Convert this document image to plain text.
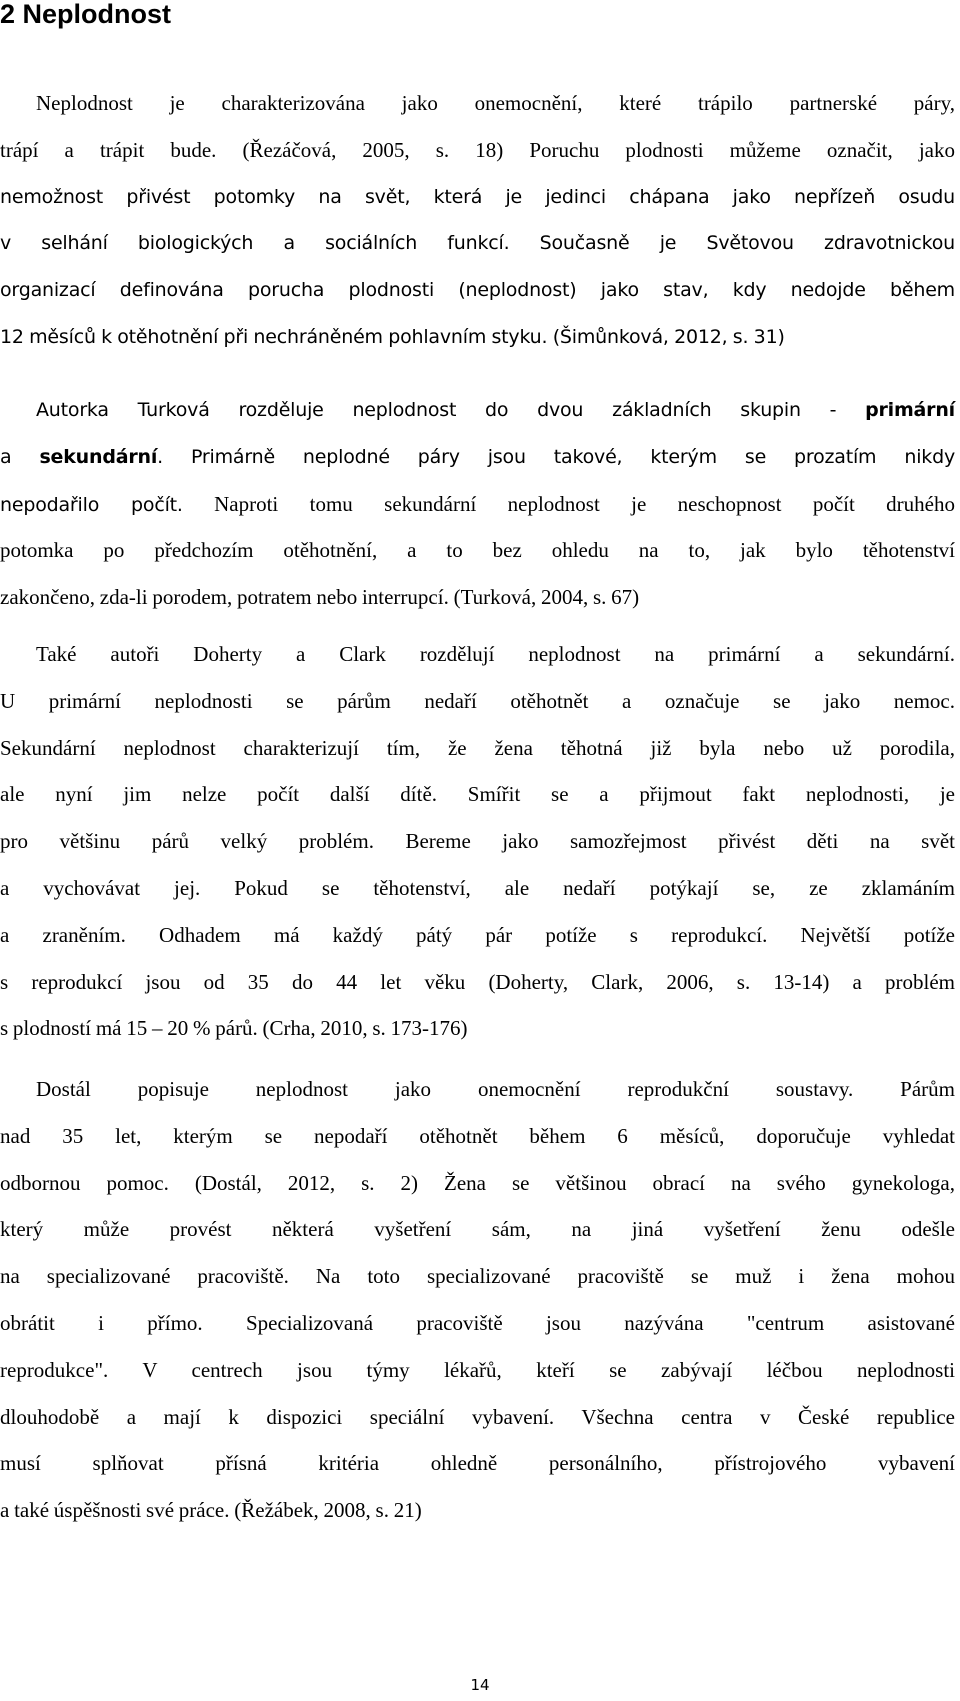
2 Neplodnost
Neplodnost je charakterizována jako onemocnění, které trápilo partnerské páry,
trápí a trápit bude. (Řezáčová, 2005, s. 18) Poruchu plodnosti můžeme označit, jako
nemožnost přivést potomky na svět, která je jedinci chápana jako nepřízeň osudu
v selhání biologických a sociálních funkcí. Současně je Světovou zdravotnickou
organizací definována porucha plodnosti (neplodnost) jako stav, kdy nedojde během
12 měsíců k otěhotnění při nechráněném pohlavním styku. (Šimůnková, 2012, s. 31)
Autorka Turková rozděluje neplodnost do dvou základních skupin - primární
a sekundární. Primárně neplodné páry jsou takové, kterým se prozatím nikdy
nepodařilo počít. Naproti tomu sekundární neplodnost je neschopnost počít druhého
potomka po předchozím otěhotnění, a to bez ohledu na to, jak bylo těhotenství
zakončeno, zda-li porodem, potratem nebo interrupcí. (Turková, 2004, s. 67)
Také autoři Doherty a Clark rozdělují neplodnost na primární a sekundární.
U primární neplodnosti se párům nedaří otěhotnět a označuje se jako nemoc.
Sekundární neplodnost charakterizují tím, že žena těhotná již byla nebo už porodila,
ale nyní jim nelze počít další dítě. Smířit se a přijmout fakt neplodnosti, je
pro většinu párů velký problém. Bereme jako samozřejmost přivést děti na svět
a vychovávat jej. Pokud se těhotenství, ale nedaří potýkají se, ze zklamáním
a zraněním. Odhadem má každý pátý pár potíže s reprodukcí. Největší potíže
s reprodukcí jsou od 35 do 44 let věku (Doherty, Clark, 2006, s. 13-14) a problém
s plodností má 15 – 20 % párů. (Crha, 2010, s. 173-176)
Dostál popisuje neplodnost jako onemocnění reprodukční soustavy. Párům
nad 35 let, kterým se nepodaří otěhotnět během 6 měsíců, doporučuje vyhledat
odbornou pomoc. (Dostál, 2012, s. 2) Žena se většinou obrací na svého gynekologa,
který může provést některá vyšetření sám, na jiná vyšetření ženu odešle
na specializované pracoviště. Na toto specializované pracoviště se muž i žena mohou
obrátit i přímo. Specializovaná pracoviště jsou nazývána "centrum asistované
reprodukce". V centrech jsou týmy lékařů, kteří se zabývají léčbou neplodnosti
dlouhodobě a mají k dispozici speciální vybavení. Všechna centra v České republice
musí splňovat přísná kritéria ohledně personálního, přístrojového vybavení
a také úspěšnosti své práce. (Řežábek, 2008, s. 21)
14
